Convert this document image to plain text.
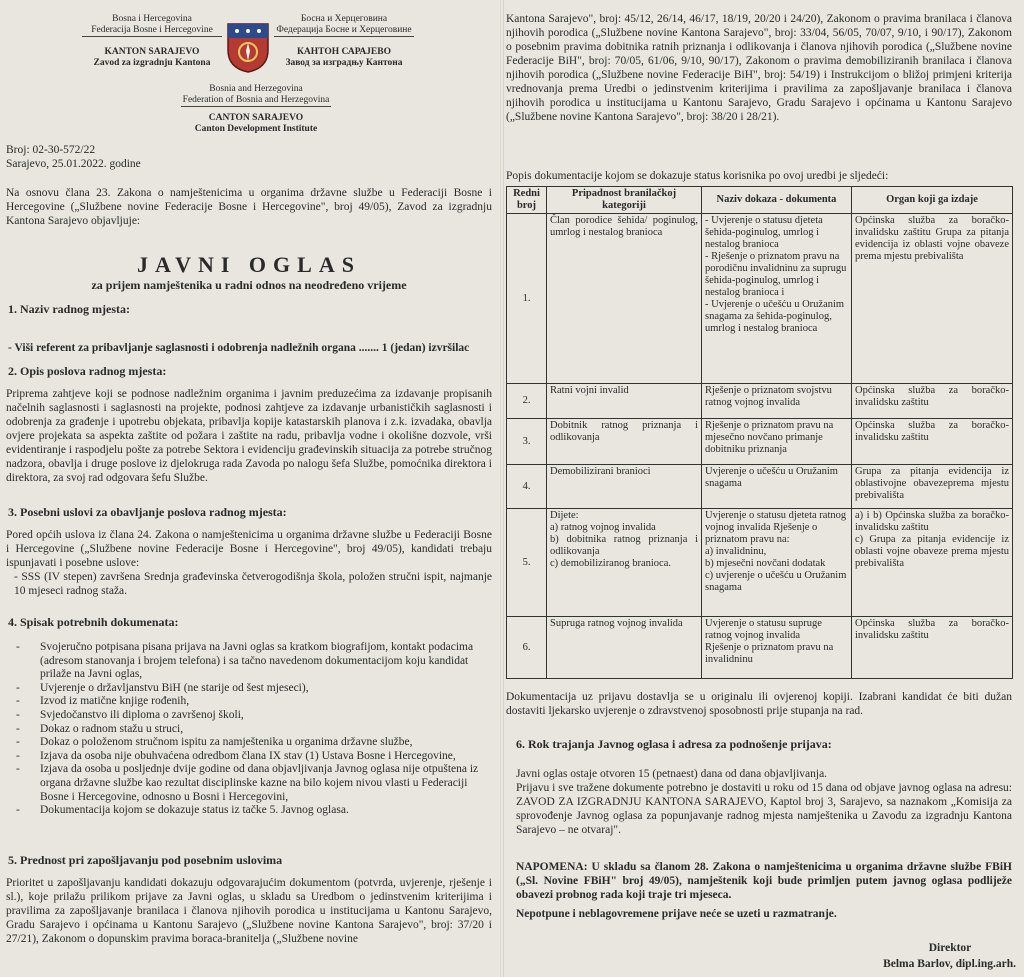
Bosna i Hercegovina
Federacija Bosne i Hercegovine
KANTON SARAJEVO
Zavod za izgradnju Kantona
Босна и Херцеговина
Федерација Босне и Херцеговине
КАНТОН САРАЈЕВО
Завод за изградњу Кантона
Bosnia and Herzegovina
Federation of Bosnia and Herzegovina
CANTON SARAJEVO
Canton Development Institute
Broj: 02-30-572/22
Sarajevo, 25.01.2022. godine
Na osnovu člana 23. Zakona o namještenicima u organima državne službe u Federaciji Bosne i Hercegovine („Službene novine Federacije Bosne i Hercegovine", broj 49/05), Zavod za izgradnju Kantona Sarajevo objavljuje:
JAVNI OGLAS
za prijem namještenika u radni odnos na neodređeno vrijeme
1. Naziv radnog mjesta:
- Viši referent za pribavljanje saglasnosti i odobrenja nadležnih organa ....... 1 (jedan) izvršilac
2. Opis poslova radnog mjesta:
Priprema zahtjeve koji se podnose nadležnim organima i javnim preduzećima za izdavanje propisanih načelnih saglasnosti i saglasnosti na projekte, podnosi zahtjeve za izdavanje urbanističkih saglasnosti i odobrenja za građenje i upotrebu objekata, pribavlja kopije katastarskih planova i z.k. izvadaka, obavlja ovjere projekata sa aspekta zaštite od požara i zaštite na radu, pribavlja vodne i okolišne dozvole, vrši evidentiranje i raspodjelu pošte za potrebe Sektora i evidenciju građevinskih situacija za potrebe stručnog nadzora, obavlja i druge poslove iz djelokruga rada Zavoda po nalogu šefa Službe, pomoćnika direktora i direktora, za svoj rad odgovara šefu Službe.
3. Posebni uslovi za obavljanje poslova radnog mjesta:
Pored općih uslova iz člana 24. Zakona o namještenicima u organima državne službe u Federaciji Bosne i Hercegovine („Službene novine Federacije Bosne i Hercegovine", broj 49/05), kandidati trebaju ispunjavati i posebne uslove:
- SSS (IV stepen) završena Srednja građevinska četverogodišnja škola, položen stručni ispit, najmanje 10 mjeseci radnog staža.
4. Spisak potrebnih dokumenata:
- Svojeručno potpisana pisana prijava na Javni oglas sa kratkom biografijom, kontakt podacima (adresom stanovanja i brojem telefona) i sa tačno navedenom dokumentacijom koju kandidat prilaže na Javni oglas,
- Uvjerenje o državljanstvu BiH (ne starije od šest mjeseci),
- Izvod iz matične knjige rođenih,
- Svjedočanstvo ili diploma o završenoj školi,
- Dokaz o radnom stažu u struci,
- Dokaz o položenom stručnom ispitu za namještenika u organima državne službe,
- Izjava da osoba nije obuhvaćena odredbom člana IX stav (1) Ustava Bosne i Hercegovine,
- Izjava da osoba u posljednje dvije godine od dana objavljivanja Javnog oglasa nije otpuštena iz organa državne službe kao rezultat disciplinske kazne na bilo kojem nivou vlasti u Federaciji Bosne i Hercegovine, odnosno u Bosni i Hercegovini,
- Dokumentacija kojom se dokazuje status iz tačke 5. Javnog oglasa.
5. Prednost pri zapošljavanju pod posebnim uslovima
Prioritet u zapošljavanju kandidati dokazuju odgovarajućim dokumentom (potvrda, uvjerenje, rješenje i sl.), koje prilažu prilikom prijave za Javni oglas, u skladu sa Uredbom o jedinstvenim kriterijima i pravilima za zapošljavanje branilaca i članova njihovih porodica u institucijama u Kantonu Sarajevo, Gradu Sarajevo i općinama u Kantonu Sarajevo („Službene novine Kantona Sarajevo", broj: 37/20 i 27/21), Zakonom o dopunskim pravima boraca-branitelja („Službene novine
Kantona Sarajevo", broj: 45/12, 26/14, 46/17, 18/19, 20/20 i 24/20), Zakonom o pravima branilaca i članova njihovih porodica („Službene novine Kantona Sarajevo", broj: 33/04, 56/05, 70/07, 9/10, i 90/17), Zakonom o posebnim pravima dobitnika ratnih priznanja i odlikovanja i članova njihovih porodica („Službene novine Federacije BiH", broj: 70/05, 61/06, 9/10, 90/17), Zakonom o pravima demobiliziranih branilaca i članova njihovih porodica („Službene novine Federacije BiH", broj: 54/19) i Instrukcijom o bližoj primjeni kriterija vrednovanja prema Uredbi o jedinstvenim kriterijima i pravilima za zapošljavanje branilaca i članova njihovih porodica u institucijama u Kantonu Sarajevo, Gradu Sarajevo i općinama u Kantonu Sarajevo („Službene novine Kantona Sarajevo", broj: 38/20 i 28/21).
Popis dokumentacije kojom se dokazuje status korisnika po ovoj uredbi je sljedeći:
Redni broj	Pripadnost branilačkoj kategoriji	Naziv dokaza - dokumenta	Organ koji ga izdaje
1.	Član porodice šehida/ poginulog, umrlog i nestalog branioca	- Uvjerenje o statusu djeteta šehida-poginulog, umrlog i nestalog branioca
- Rješenje o priznatom pravu na porodičnu invalidninu za suprugu šehida-poginulog, umrlog i nestalog branioca i
- Uvjerenje o učešću u Oružanim snagama za šehida-poginulog, umrlog i nestalog branioca	Općinska služba za boračko-invalidsku zaštitu Grupa za pitanja evidencija iz oblasti vojne obaveze prema mjestu prebivališta
2.	Ratni vojni invalid	Rješenje o priznatom svojstvu ratnog vojnog invalida	Općinska služba za boračko-invalidsku zaštitu
3.	Dobitnik ratnog priznanja i odlikovanja	Rješenje o priznatom pravu na mjesečno novčano primanje dobitniku priznanja	Općinska služba za boračko-invalidsku zaštitu
4.	Demobilizirani branioci	Uvjerenje o učešću u Oružanim snagama	Grupa za pitanja evidencija iz oblastivojne obavezeprema mjestu prebivališta
5.	Dijete:
a) ratnog vojnog invalida
b) dobitnika ratnog priznanja i odlikovanja
c) demobiliziranog branioca.	Uvjerenje o statusu djeteta ratnog vojnog invalida Rješenje o priznatom pravu na:
a) invalidninu,
b) mjesečni novčani dodatak
c) uvjerenje o učešću u Oružanim snagama	a) i b) Općinska služba za boračko-invalidsku zaštitu
c) Grupa za pitanja evidencije iz oblasti vojne obaveze prema mjestu prebivališta
6.	Supruga ratnog vojnog invalida	Uvjerenje o statusu supruge ratnog vojnog invalida
Rješenje o priznatom pravu na invalidninu	Općinska služba za boračko-invalidsku zaštitu
Dokumentacija uz prijavu dostavlja se u originalu ili ovjerenoj kopiji. Izabrani kandidat će biti dužan dostaviti ljekarsko uvjerenje o zdravstvenoj sposobnosti prije stupanja na rad.
6. Rok trajanja Javnog oglasa i adresa za podnošenje prijava:
Javni oglas ostaje otvoren 15 (petnaest) dana od dana objavljivanja.
Prijavu i sve tražene dokumente potrebno je dostaviti u roku od 15 dana od objave javnog oglasa na adresu: ZAVOD ZA IZGRADNJU KANTONA SARAJEVO, Kaptol broj 3, Sarajevo, sa naznakom „Komisija za sprovođenje Javnog oglasa za popunjavanje radnog mjesta namještenika u Zavodu za izgradnju Kantona Sarajevo – ne otvaraj".
NAPOMENA: U skladu sa članom 28. Zakona o namještenicima u organima državne službe FBiH („Sl. Novine FBiH" broj 49/05), namještenik koji bude primljen putem javnog oglasa podliježe obavezi probnog rada koji traje tri mjeseca.
Nepotpune i neblagovremene prijave neće se uzeti u razmatranje.
Direktor
Belma Barlov, dipl.ing.arh.
